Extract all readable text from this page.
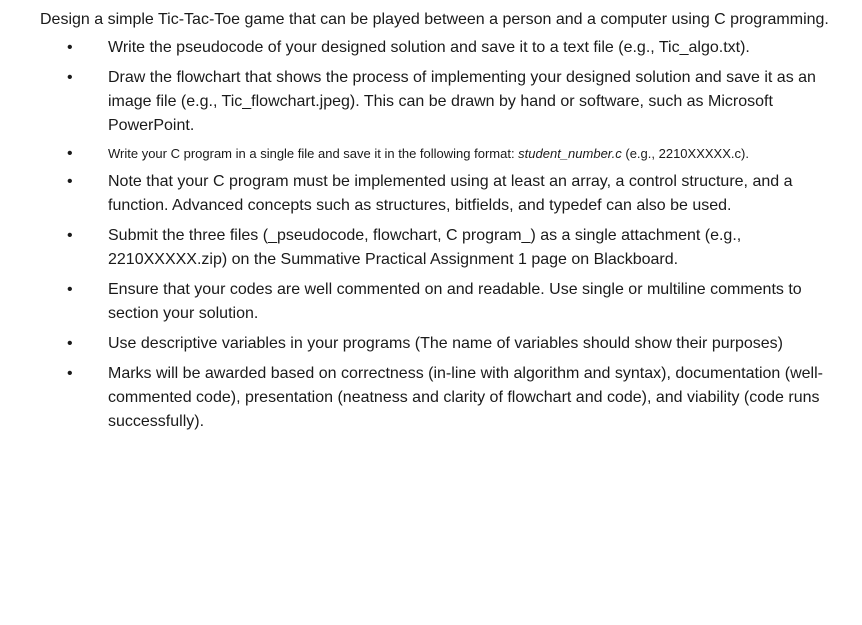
Design a simple Tic-Tac-Toe game that can be played between a person and a computer using C programming.

• Write the pseudocode of your designed solution and save it to a text file (e.g., Tic_algo.txt).
• Draw the flowchart that shows the process of implementing your designed solution and save it as an image file (e.g., Tic_flowchart.jpeg). This can be drawn by hand or software, such as Microsoft PowerPoint.
•	Write your C program in a single file and save it in the following format: student_number.c (e.g., 2210XXXXX.c).
• Note that your C program must be implemented using at least an array, a control structure, and a function. Advanced concepts such as structures, bitfields, and typedef can also be used.
• Submit the three files (_pseudocode, flowchart, C program_) as a single attachment (e.g., 2210XXXXX.zip) on the Summative Practical Assignment 1 page on Blackboard.
• Ensure that your codes are well commented on and readable. Use single or multiline comments to section your solution.
• Use descriptive variables in your programs (The name of variables should show their purposes)
• Marks will be awarded based on correctness (in-line with algorithm and syntax), documentation (well-commented code), presentation (neatness and clarity of flowchart and code), and viability (code runs successfully).
